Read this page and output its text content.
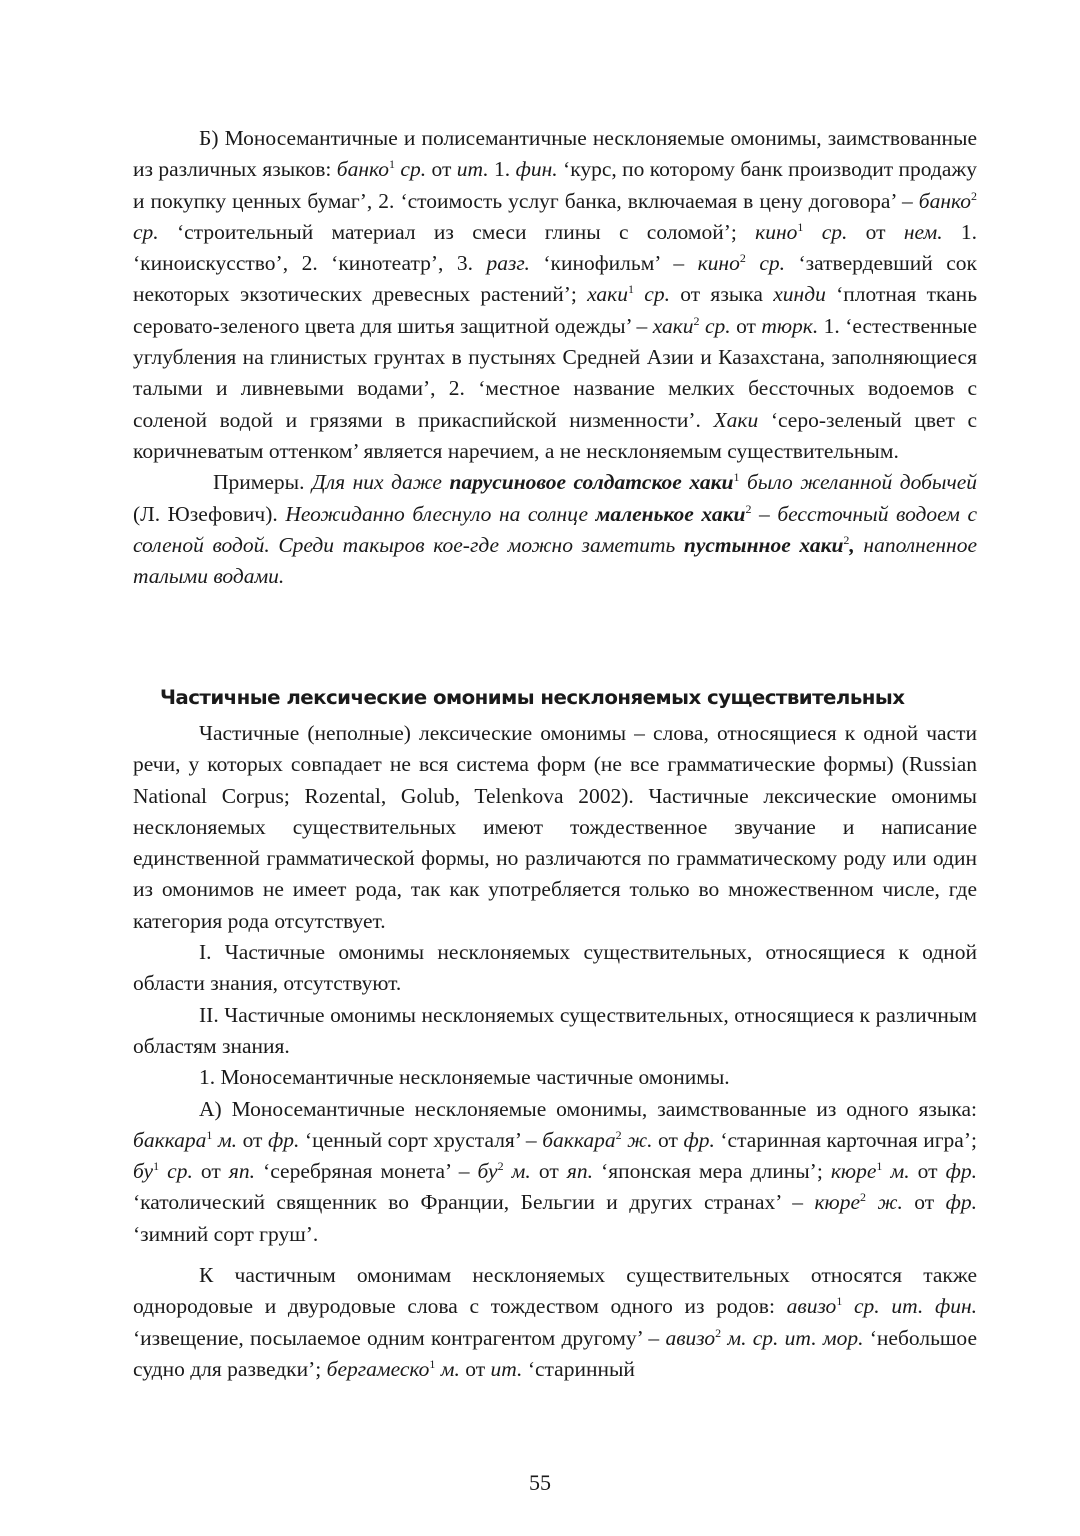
Б) Моносемантичные и полисемантичные несклоняемые омонимы, заимствованные из различных языков: банко$^1$ ср. от ит. 1. фин. ‘курс, по которому банк производит продажу и покупку ценных бумаг’, 2. ‘стоимость услуг банка, включаемая в цену договора’ – банко$^2$ ср. ‘строительный материал из смеси глины с соломой’; кино$^1$ ср. от нем. 1. ‘киноискусство’, 2. ‘кинотеатр’, 3. разг. ‘кинофильм’ – кино$^2$ ср. ‘затвердевший сок некоторых экзотических древесных растений’; хаки$^1$ ср. от языка хинди ‘плотная ткань серовато-зеленого цвета для шитья защитной одежды’ – хаки$^2$ ср. от тюрк. 1. ‘естественные углубления на глинистых грунтах в пустынях Средней Азии и Казахстана, заполняющиеся талыми и ливневыми водами’, 2. ‘местное название мелких бессточных водоемов с соленой водой и грязями в прикаспийской низменности’. Хаки ‘серо-зеленый цвет с коричневатым оттенком’ является наречием, а не несклоняемым существительным.

Примеры. Для них даже парусиновое солдатское хаки$^1$ было желанной добычей (Л. Юзефович). Неожиданно блеснуло на солнце маленькое хаки$^2$ – бессточный водоем с соленой водой. Среди такыров кое-где можно заметить пустынное хаки$^2$, наполненное талыми водами.

Частичные лексические омонимы несклоняемых существительных

Частичные (неполные) лексические омонимы – слова, относящиеся к одной части речи, у которых совпадает не вся система форм (не все грамматические формы) (Russian National Corpus; Rozental, Golub, Telenkova 2002). Частичные лексические омонимы несклоняемых существительных имеют тождественное звучание и написание единственной грамматической формы, но различаются по грамматическому роду или один из омонимов не имеет рода, так как употребляется только во множественном числе, где категория рода отсутствует.

I. Частичные омонимы несклоняемых существительных, относящиеся к одной области знания, отсутствуют.

II. Частичные омонимы несклоняемых существительных, относящиеся к различным областям знания.

1. Моносемантичные несклоняемые частичные омонимы.

А) Моносемантичные несклоняемые омонимы, заимствованные из одного языка: баккара$^1$ м. от фр. ‘ценный сорт хрусталя’ – баккара$^2$ ж. от фр. ‘старинная карточная игра’; $бу^1$ ср. от яп. ‘серебряная монета’ – $бу^2$ м. от яп. ‘японская мера длины’; кюре$^1$ м. от фр. ‘католический священник во Франции, Бельгии и других странах’ – кюре$^2$ ж. от фр. ‘зимний сорт груш’.

К частичным омонимам несклоняемых существительных относятся также однородовые и двуродовые слова с тождеством одного из родов: авизо$^1$ ср. ит. фин. ‘извещение, посылаемое одним контрагентом другому’ – авизо$^2$ м. ср. ит. мор. ‘небольшое судно для разведки’; бергамеско$^1$ м. от ит. ‘старинный

55
